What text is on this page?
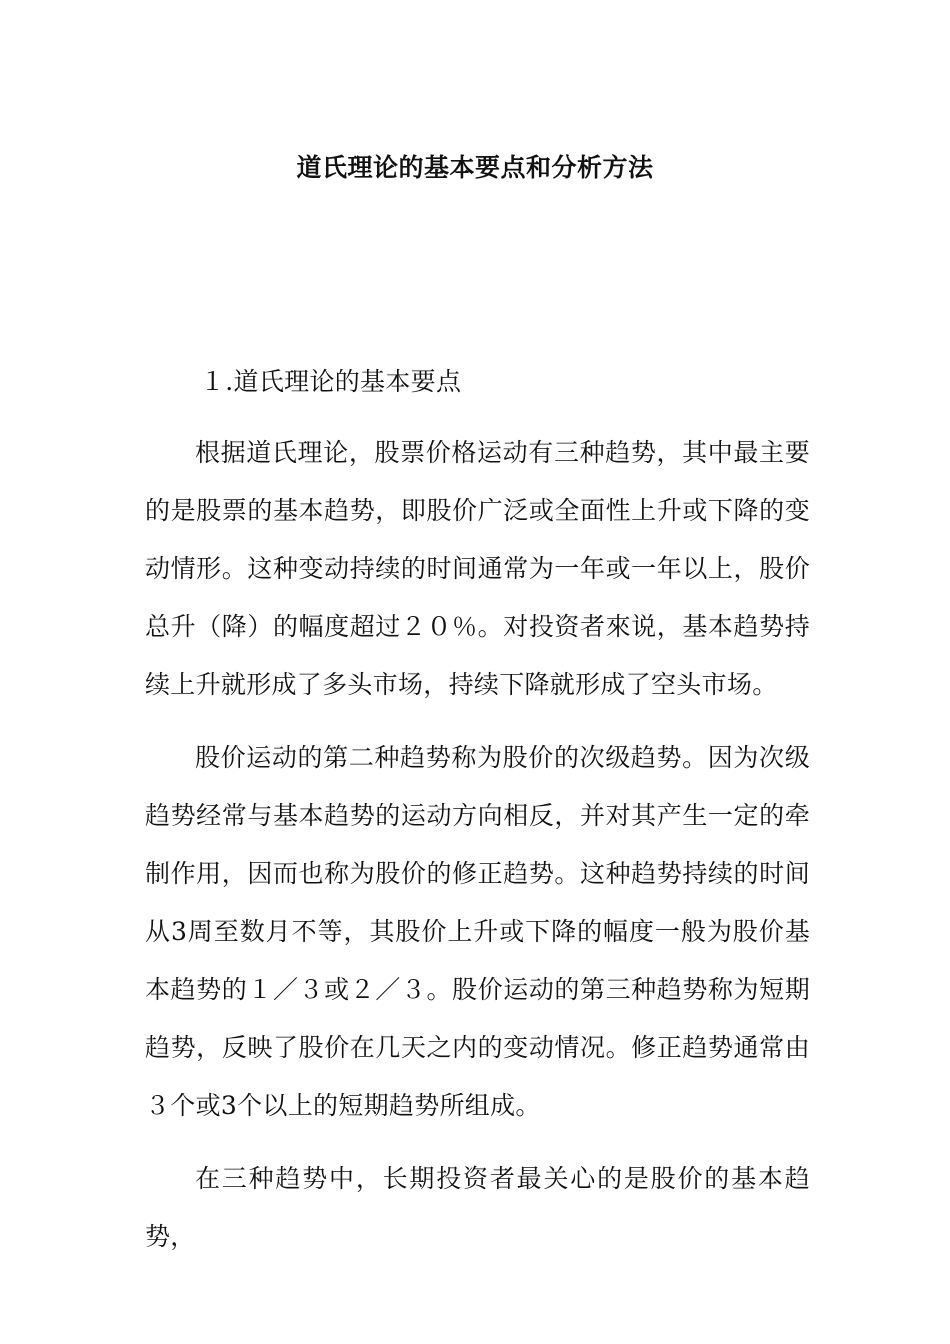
道氏理论的基本要点和分析方法
１.道氏理论的基本要点

根据道氏理论，股票价格运动有三种趋势，其中最主要的是股票的基本趋势，即股价广泛或全面性上升或下降的变动情形。这种变动持续的时间通常为一年或一年以上，股价总升（降）的幅度超过２０％。对投资者來说，基本趋势持续上升就形成了多头市场，持续下降就形成了空头市场。

股价运动的第二种趋势称为股价的次级趋势。因为次级趋势经常与基本趋势的运动方向相反，并对其产生一定的牵制作用，因而也称为股价的修正趋势。这种趋势持续的时间从3周至数月不等，其股价上升或下降的幅度一般为股价基本趋势的１／３或２／３。股价运动的第三种趋势称为短期趋势，反映了股价在几天之内的变动情况。修正趋势通常由３个或3个以上的短期趋势所组成。

在三种趋势中，长期投资者最关心的是股价的基本趋势，
